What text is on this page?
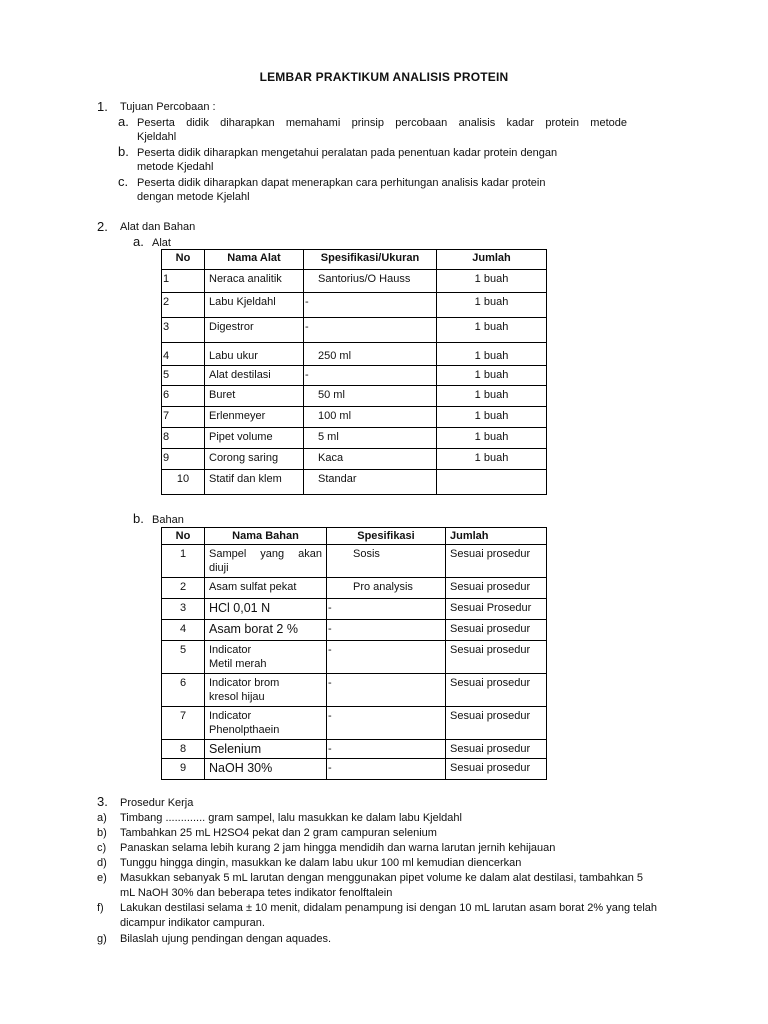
LEMBAR PRAKTIKUM ANALISIS PROTEIN
1. Tujuan Percobaan :
a. Peserta didik diharapkan memahami prinsip percobaan analisis kadar protein metode
Kjeldahl
b. Peserta didik diharapkan mengetahui peralatan pada penentuan kadar protein dengan
metode Kjedahl
c. Peserta didik diharapkan dapat menerapkan cara perhitungan analisis kadar protein
dengan metode Kjelahl
2. Alat dan Bahan
a. Alat
No	Nama Alat	Spesifikasi/Ukuran	Jumlah
1	Neraca analitik	Santorius/O Hauss	1 buah
2	Labu Kjeldahl	-	1 buah
3	Digestror	-	1 buah
4	Labu ukur	250 ml	1 buah
5	Alat destilasi	-	1 buah
6	Buret	50 ml	1 buah
7	Erlenmeyer	100 ml	1 buah
8	Pipet volume	5 ml	1 buah
9	Corong saring	Kaca	1 buah
10	Statif dan klem	Standar	
b. Bahan
No	Nama Bahan	Spesifikasi	Jumlah
1	Sampel yang akan diuji	Sosis	Sesuai prosedur
2	Asam sulfat pekat	Pro analysis	Sesuai prosedur
3	HCl 0,01 N	-	Sesuai Prosedur
4	Asam borat 2 %	-	Sesuai prosedur
5	Indicator Metil merah	-	Sesuai prosedur
6	Indicator brom kresol hijau	-	Sesuai prosedur
7	Indicator Phenolpthaein	-	Sesuai prosedur
8	Selenium	-	Sesuai prosedur
9	NaOH 30%	-	Sesuai prosedur
3. Prosedur Kerja
a) Timbang ............. gram sampel, lalu masukkan ke dalam labu Kjeldahl
b) Tambahkan 25 mL H2SO4 pekat dan 2 gram campuran selenium
c) Panaskan selama lebih kurang 2 jam hingga mendidih dan warna larutan jernih kehijauan
d) Tunggu hingga dingin, masukkan ke dalam labu ukur 100 ml kemudian diencerkan
e) Masukkan sebanyak 5 mL larutan dengan menggunakan pipet volume ke dalam alat destilasi, tambahkan 5
mL NaOH 30% dan beberapa tetes indikator fenolftalein
f) Lakukan destilasi selama ± 10 menit, didalam penampung isi dengan 10 mL larutan asam borat 2% yang telah
dicampur indikator campuran.
g) Bilaslah ujung pendingan dengan aquades.
